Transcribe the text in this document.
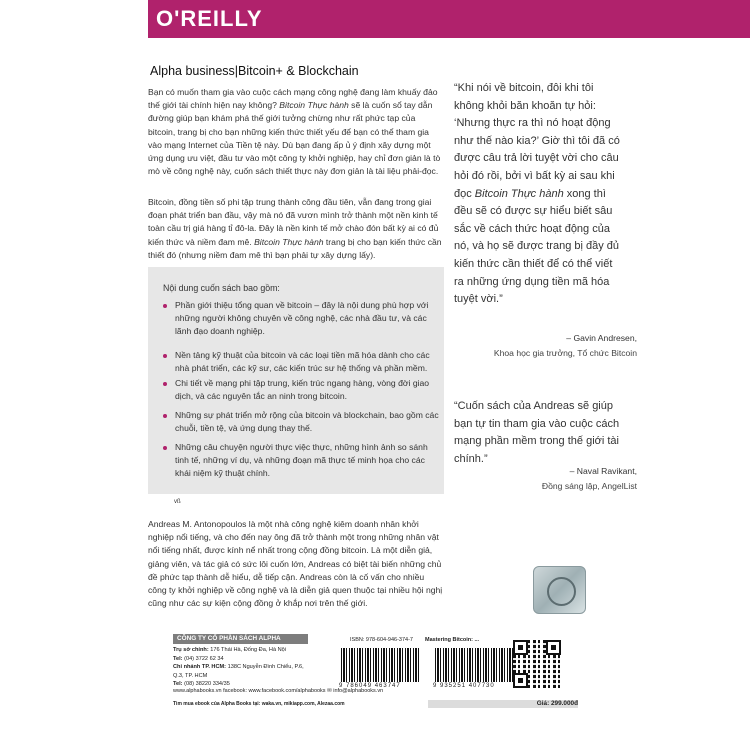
O'REILLY
Alpha business|Bitcoin+ & Blockchain

Bạn có muốn tham gia vào cuộc cách mạng công nghệ đang làm khuấy đảo thế giới tài chính hiện nay không? Bitcoin Thực hành sẽ là cuốn sổ tay dẫn đường giúp bạn khám phá thế giới tưởng chừng như rất phức tạp của bitcoin, trang bị cho bạn những kiến thức thiết yếu để bạn có thể tham gia vào mạng Internet của Tiền tệ này. Dù bạn đang ấp ủ ý định xây dựng một ứng dụng ưu việt, đầu tư vào một công ty khởi nghiệp, hay chỉ đơn giản là tò mò về công nghệ này, cuốn sách thiết thực này đơn giản là tài liệu phải-đọc.

Bitcoin, đồng tiền số phi tập trung thành công đầu tiên, vẫn đang trong giai đoạn phát triển ban đầu, vậy mà nó đã vươn mình trở thành một nền kinh tế toàn cầu trị giá hàng tỉ đô-la. Đây là nền kinh tế mở chào đón bất kỳ ai có đủ kiến thức và niềm đam mê. Bitcoin Thực hành trang bị cho bạn kiến thức cần thiết đó (nhưng niềm đam mê thì bạn phải tự xây dựng lấy).

Nội dung cuốn sách bao gồm:

Phần giới thiệu tổng quan về bitcoin – đây là nội dung phù hợp với những người không chuyên về công nghệ, các nhà đầu tư, và các lãnh đạo doanh nghiệp.

Nền tảng kỹ thuật của bitcoin và các loại tiền mã hóa dành cho các nhà phát triển, các kỹ sư, các kiến trúc sư hệ thống và phần mềm.

Chi tiết về mạng phi tập trung, kiến trúc ngang hàng, vòng đời giao dịch, và các nguyên tắc an ninh trong bitcoin.

Những sự phát triển mở rộng của bitcoin và blockchain, bao gồm các chuỗi, tiền tệ, và ứng dụng thay thế.

Những câu chuyện người thực việc thực, những hình ảnh so sánh tinh tế, những ví dụ, và những đoạn mã thực tế minh họa cho các khái niệm kỹ thuật chính.

vß

Andreas M. Antonopoulos là một nhà công nghệ kiêm doanh nhân khởi nghiệp nổi tiếng, và cho đến nay ông đã trở thành một trong những nhân vật nổi tiếng nhất, được kính nể nhất trong cộng đồng bitcoin. Là một diễn giả, giảng viên, và tác giả có sức lôi cuốn lớn, Andreas có biệt tài biến những chủ đề phức tạp thành dễ hiểu, dễ tiếp cận. Andreas còn là cố vấn cho nhiều công ty khởi nghiệp về công nghệ và là diễn giả quen thuộc tại nhiều hội nghị cũng như các sự kiện cộng đồng ở khắp nơi trên thế giới.

“Khi nói về bitcoin, đôi khi tôi không khỏi băn khoăn tự hỏi: ‘Nhưng thực ra thì nó hoạt động như thế nào kia?’ Giờ thì tôi đã có được câu trả lời tuyệt vời cho câu hỏi đó rồi, bởi vì bất kỳ ai sau khi đọc Bitcoin Thực hành xong thì đều sẽ có được sự hiểu biết sâu sắc về cách thức hoạt động của nó, và họ sẽ được trang bị đầy đủ kiến thức cần thiết để có thể viết ra những ứng dụng tiền mã hóa tuyệt vời.”

– Gavin Andresen,
Khoa học gia trưởng, Tổ chức Bitcoin

“Cuốn sách của Andreas sẽ giúp bạn tự tin tham gia vào cuộc cách mạng phần mềm trong thế giới tài chính.”

– Naval Ravikant,
Đồng sáng lập, AngelList
CÔNG TY CỔ PHẦN SÁCH ALPHA
Trụ sở chính: 176 Thái Hà, Đống Đa, Hà Nội
Tel: (04) 3722 62 34
Chi nhánh TP. HCM: 138C Nguyễn Đình Chiểu, P.6, Q.3, TP. HCM
Tel: (08) 38220 334/35
ISBN: 978-604-946-374-7 Mastering Bitcoin: ...
9 786049 463747	9 935251 407730
www.alphabooks.vn facebook: www.facebook.com/alphabooks ✉ info@alphabooks.vn
Tìm mua ebook của Alpha Books tại: waka.vn, mikiapp.com, Alezaa.com	Giá: 299.000đ
